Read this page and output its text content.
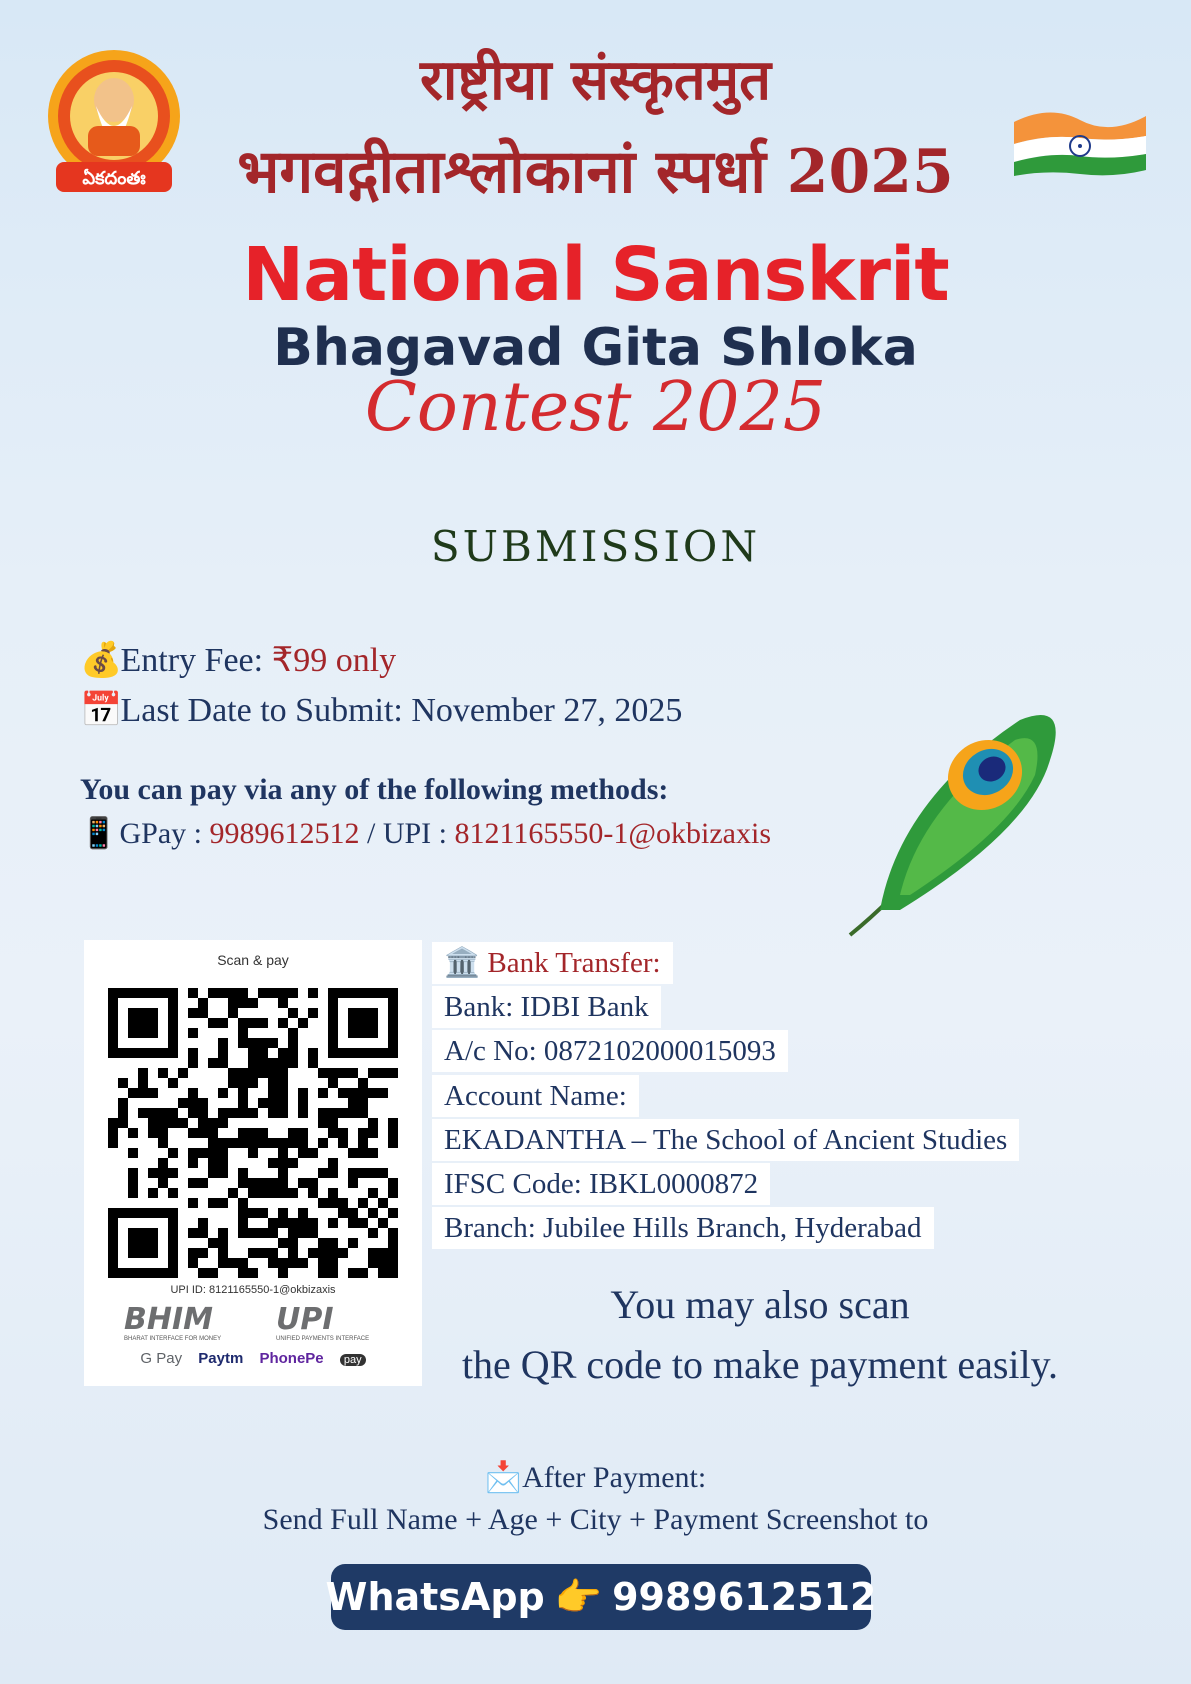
ఏకదంతః
राष्ट्रीया संस्कृतमुत
भगवद्गीताश्लोकानां स्पर्धा 2025
National Sanskrit
Bhagavad Gita Shloka
Contest 2025
SUBMISSION
💰 Entry Fee: ₹99 only
📅 Last Date to Submit: November 27, 2025
You can pay via any of the following methods:
📱 GPay : 9989612512 / UPI : 8121165550-1@okbizaxis
Scan & pay
UPI ID: 8121165550-1@okbizaxis
BHIM UPI
BHARAT INTERFACE FOR MONEY	UNIFIED PAYMENTS INTERFACE
G Pay Paytm PhonePe pay
🏛️ Bank Transfer:
Bank: IDBI Bank
A/c No: 0872102000015093
Account Name:
EKADANTHA – The School of Ancient Studies
IFSC Code: IBKL0000872
Branch: Jubilee Hills Branch, Hyderabad
You may also scan
the QR code to make payment easily.
📩After Payment:
Send Full Name + Age + City + Payment Screenshot to
WhatsApp 👉 9989612512
